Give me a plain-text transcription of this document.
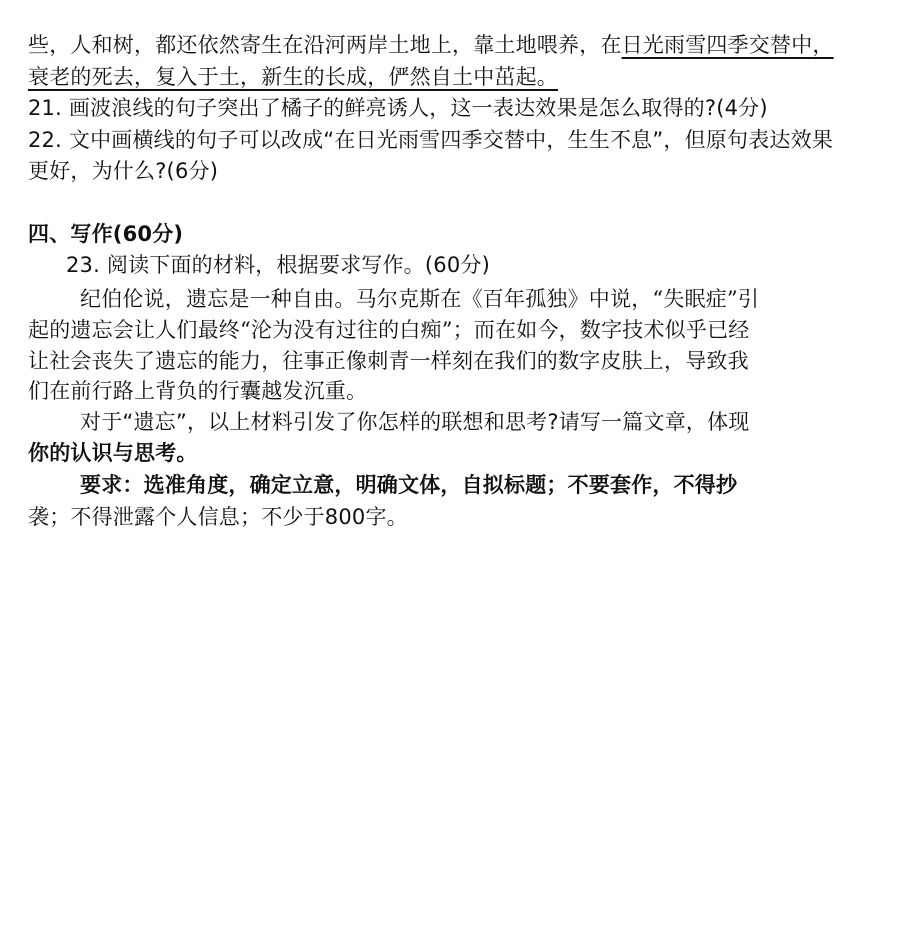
些，人和树，都还依然寄生在沿河两岸土地上，靠土地喂养，在日光雨雪四季交替中，
衰老的死去，复入于土，新生的长成，俨然自土中茁起。
21. 画波浪线的句子突出了橘子的鲜亮诱人，这一表达效果是怎么取得的?(4分)
22. 文中画横线的句子可以改成“在日光雨雪四季交替中，生生不息”，但原句表达效果
更好，为什么?(6分)
四、写作(60分)
23. 阅读下面的材料，根据要求写作。(60分)
纪伯伦说，遗忘是一种自由。马尔克斯在《百年孤独》中说，“失眠症”引
起的遗忘会让人们最终“沦为没有过往的白痴”；而在如今，数字技术似乎已经
让社会丧失了遗忘的能力，往事正像刺青一样刻在我们的数字皮肤上，导致我
们在前行路上背负的行囊越发沉重。
对于“遗忘”，以上材料引发了你怎样的联想和思考?请写一篇文章，体现
你的认识与思考。
要求：选准角度，确定立意，明确文体，自拟标题；不要套作，不得抄
袭；不得泄露个人信息；不少于800字。
